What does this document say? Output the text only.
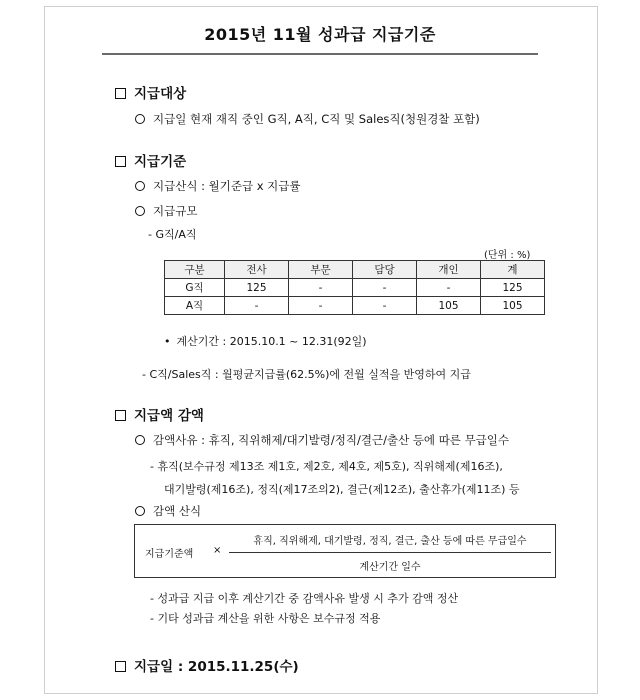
2015년 11월 성과급 지급기준
지급대상
지급일 현재 재직 중인 G직, A직, C직 및 Sales직(청원경찰 포함)
지급기준
지급산식 : 월기준급 x 지급률
지급규모
- G직/A직
(단위 : %)
구분	전사	부문	담당	개인	계
G직	125	-	-	-	125
A직	-	-	-	105	105
• 계산기간 : 2015.10.1 ~ 12.31(92일)
- C직/Sales직 : 월평균지급률(62.5%)에 전월 실적을 반영하여 지급
지급액 감액
감액사유 : 휴직, 직위해제/대기발령/정직/결근/출산 등에 따른 무급일수
- 휴직(보수규정 제13조 제1호, 제2호, 제4호, 제5호), 직위해제(제16조),
대기발령(제16조), 정직(제17조의2), 결근(제12조), 출산휴가(제11조) 등
감액 산식
지급기준액 ×
휴직, 직위해제, 대기발령, 정직, 결근, 출산 등에 따른 무급일수
계산기간 일수
- 성과급 지급 이후 계산기간 중 감액사유 발생 시 추가 감액 정산
- 기타 성과급 계산을 위한 사항은 보수규정 적용
지급일 : 2015.11.25(수)
